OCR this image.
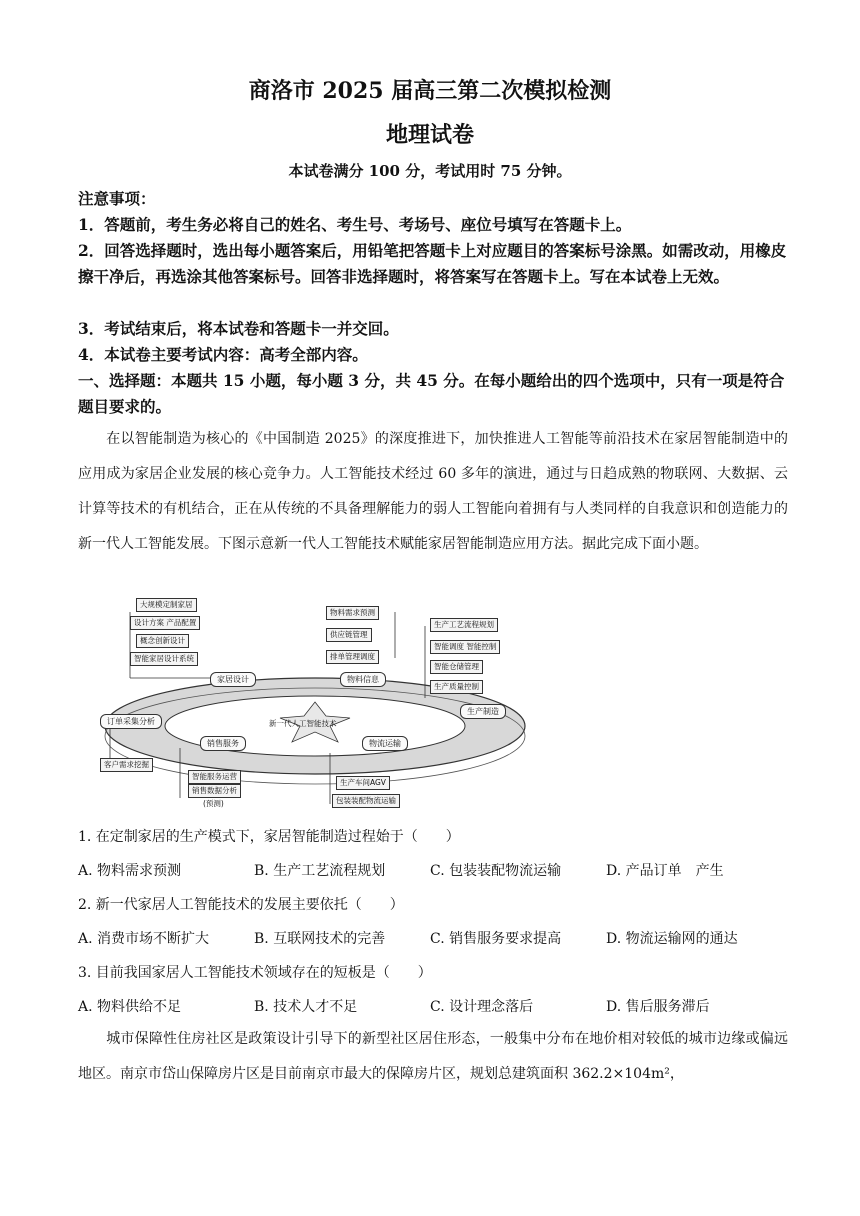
商洛市 2025 届高三第二次模拟检测
地理试卷
本试卷满分 100 分，考试用时 75 分钟。
注意事项：
1．答题前，考生务必将自己的姓名、考生号、考场号、座位号填写在答题卡上。
2．回答选择题时，选出每小题答案后，用铅笔把答题卡上对应题目的答案标号涂黑。如需改动，用橡皮擦干净后，再选涂其他答案标号。回答非选择题时，将答案写在答题卡上。写在本试卷上无效。
3．考试结束后，将本试卷和答题卡一并交回。
4．本试卷主要考试内容：高考全部内容。
一、选择题：本题共 15 小题，每小题 3 分，共 45 分。在每小题给出的四个选项中，只有一项是符合题目要求的。
在以智能制造为核心的《中国制造 2025》的深度推进下，加快推进人工智能等前沿技术在家居智能制造中的应用成为家居企业发展的核心竞争力。人工智能技术经过 60 多年的演进，通过与日趋成熟的物联网、大数据、云计算等技术的有机结合，正在从传统的不具备理解能力的弱人工智能向着拥有与人类同样的自我意识和创造能力的新一代人工智能发展。下图示意新一代人工智能技术赋能家居智能制造应用方法。据此完成下面小题。
大规模定制家居
设计方案 产品配置
概念创新设计
智能家居设计系统
物料需求预测
供应链管理
排单管理调度
生产工艺流程规划
智能调度 智能控制
智能仓储管理
生产质量控制
家居设计	物料信息
生产制造
订单采集分析
销售服务	物流运输
新一代人工智能技术
客户需求挖掘
智能服务运营
销售数据分析
(预测)
生产车间AGV
包装装配物流运输
1. 在定制家居的生产模式下，家居智能制造过程始于（　　）
A. 物料需求预测	B. 生产工艺流程规划	C. 包装装配物流运输	D. 产品订单　产生
2. 新一代家居人工智能技术的发展主要依托（　　）
A. 消费市场不断扩大	B. 互联网技术的完善	C. 销售服务要求提高	D. 物流运输网的通达
3. 目前我国家居人工智能技术领域存在的短板是（　　）
A. 物料供给不足	B. 技术人才不足	C. 设计理念落后	D. 售后服务滞后
城市保障性住房社区是政策设计引导下的新型社区居住形态，一般集中分布在地价相对较低的城市边缘或偏远地区。南京市岱山保障房片区是目前南京市最大的保障房片区，规划总建筑面积 362.2×104m²，
